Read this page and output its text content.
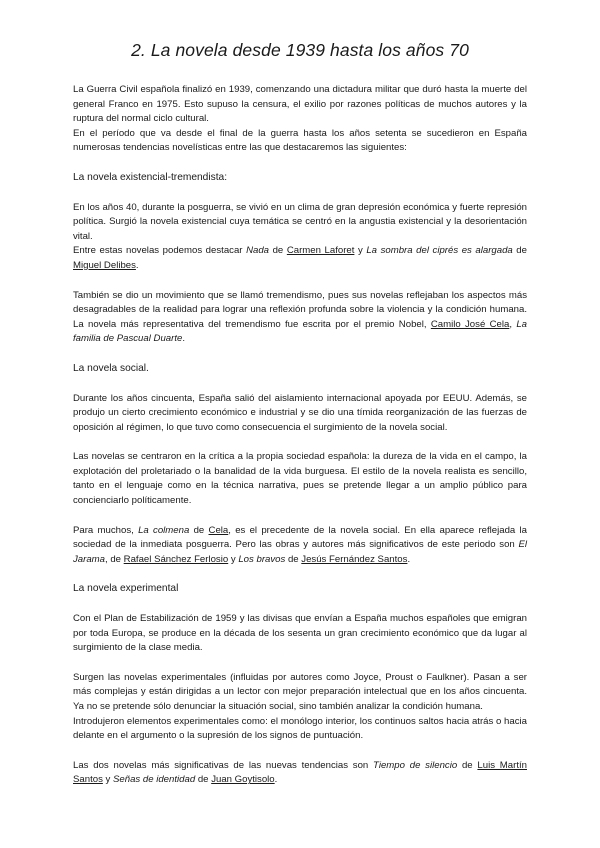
2. La novela desde 1939 hasta los años 70

La Guerra Civil española finalizó en 1939, comenzando una dictadura militar que duró hasta la muerte del general Franco en 1975. Esto supuso la censura, el exilio por razones políticas de muchos autores y la ruptura del normal ciclo cultural.

En el período que va desde el final de la guerra hasta los años setenta se sucedieron en España numerosas tendencias novelísticas entre las que destacaremos las siguientes:

La novela existencial-tremendista:

En los años 40, durante la posguerra, se vivió en un clima de gran depresión económica y fuerte represión política. Surgió la novela existencial cuya temática se centró en la angustia existencial y la desorientación vital.

Entre estas novelas podemos destacar Nada de Carmen Laforet y La sombra del ciprés es alargada de Miguel Delibes.

También se dio un movimiento que se llamó tremendismo, pues sus novelas reflejaban los aspectos más desagradables de la realidad para lograr una reflexión profunda sobre la violencia y la condición humana. La novela más representativa del tremendismo fue escrita por el premio Nobel, Camilo José Cela, La familia de Pascual Duarte.

La novela social.

Durante los años cincuenta, España salió del aislamiento internacional apoyada por EEUU. Además, se produjo un cierto crecimiento económico e industrial y se dio una tímida reorganización de las fuerzas de oposición al régimen, lo que tuvo como consecuencia el surgimiento de la novela social.

Las novelas se centraron en la crítica a la propia sociedad española: la dureza de la vida en el campo, la explotación del proletariado o la banalidad de la vida burguesa. El estilo de la novela realista es sencillo, tanto en el lenguaje como en la técnica narrativa, pues se pretende llegar a un amplio público para concienciarlo políticamente.

Para muchos, La colmena de Cela, es el precedente de la novela social. En ella aparece reflejada la sociedad de la inmediata posguerra. Pero las obras y autores más significativos de este periodo son El Jarama, de Rafael Sánchez Ferlosio y Los bravos de Jesús Fernández Santos.

La novela experimental

Con el Plan de Estabilización de 1959 y las divisas que envían a España muchos españoles que emigran por toda Europa, se produce en la década de los sesenta un gran crecimiento económico que da lugar al surgimiento de la clase media.

Surgen las novelas experimentales (influidas por autores como Joyce, Proust o Faulkner). Pasan a ser más complejas y están dirigidas a un lector con mejor preparación intelectual que en los años cincuenta. Ya no se pretende sólo denunciar la situación social, sino también analizar la condición humana.

Introdujeron elementos experimentales como: el monólogo interior, los continuos saltos hacia atrás o hacia delante en el argumento o la supresión de los signos de puntuación.

Las dos novelas más significativas de las nuevas tendencias son Tiempo de silencio de Luis Martín Santos y Señas de identidad de Juan Goytisolo.
